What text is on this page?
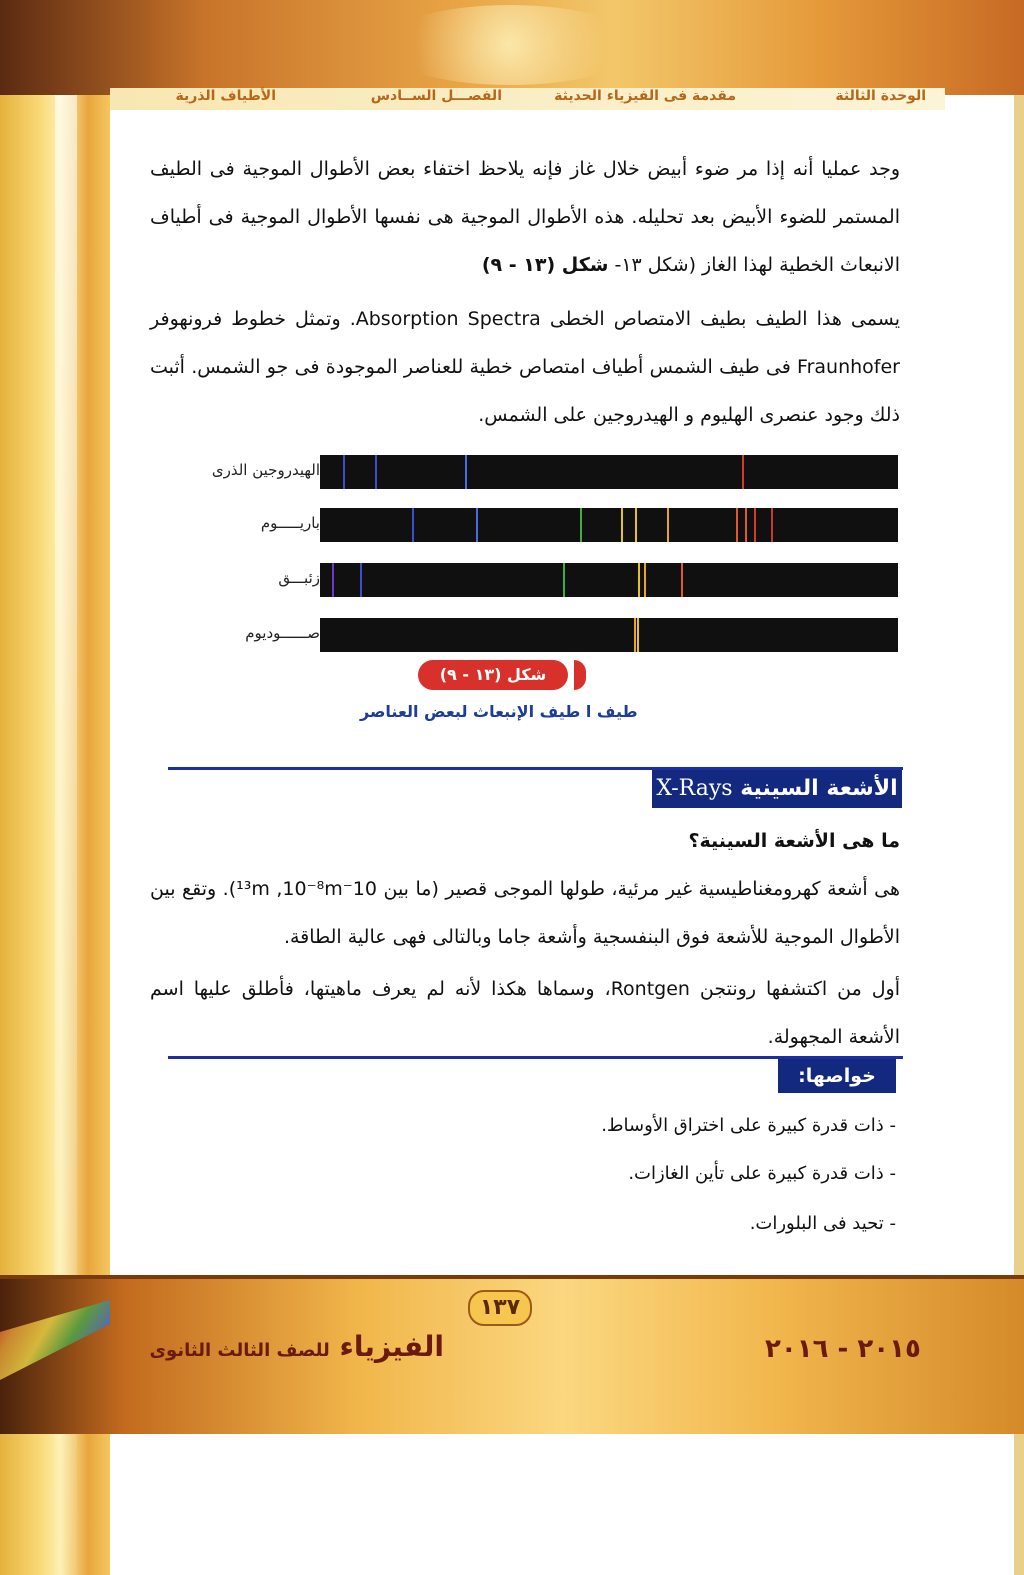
الوحدة الثالثة
مقدمة فى الفيزياء الحديثة
الفصـــل الســادس
الأطياف الذرية
وجد عمليا أنه إذا مر ضوء أبيض خلال غاز فإنه يلاحظ اختفاء بعض الأطوال الموجية فى الطيف المستمر للضوء الأبيض بعد تحليله. هذه الأطوال الموجية هى نفسها الأطوال الموجية فى أطياف الانبعاث الخطية لهذا الغاز (شكل ١٣- شكل (١٣ - ٩)
يسمى هذا الطيف بطيف الامتصاص الخطى Absorption Spectra. وتمثل خطوط فرونهوفر Fraunhofer فى طيف الشمس أطياف امتصاص خطية للعناصر الموجودة فى جو الشمس. أثبت ذلك وجود عنصرى الهليوم و الهيدروجين على الشمس.
الهيدروجين الذرى
باريـــــوم
زئبـــق
صــــــوديوم
شكل (١٣ - ٩)
طيف ا طيف الإنبعاث لبعض العناصر
الأشعة السينية X-Rays
ما هى الأشعة السينية؟
هى أشعة كهرومغناطيسية غير مرئية، طولها الموجى قصير (ما بين 10⁻¹³m ,10⁻⁸m). وتقع بين الأطوال الموجية للأشعة فوق البنفسجية وأشعة جاما وبالتالى فهى عالية الطاقة.
أول من اكتشفها رونتجن Rontgen، وسماها هكذا لأنه لم يعرف ماهيتها، فأطلق عليها اسم الأشعة المجهولة.
خواصها:
- ذات قدرة كبيرة على اختراق الأوساط.
- ذات قدرة كبيرة على تأين الغازات.
- تحيد فى البلورات.
١٣٧
الفيزياء للصف الثالث الثانوى	٢٠١٥ - ٢٠١٦
